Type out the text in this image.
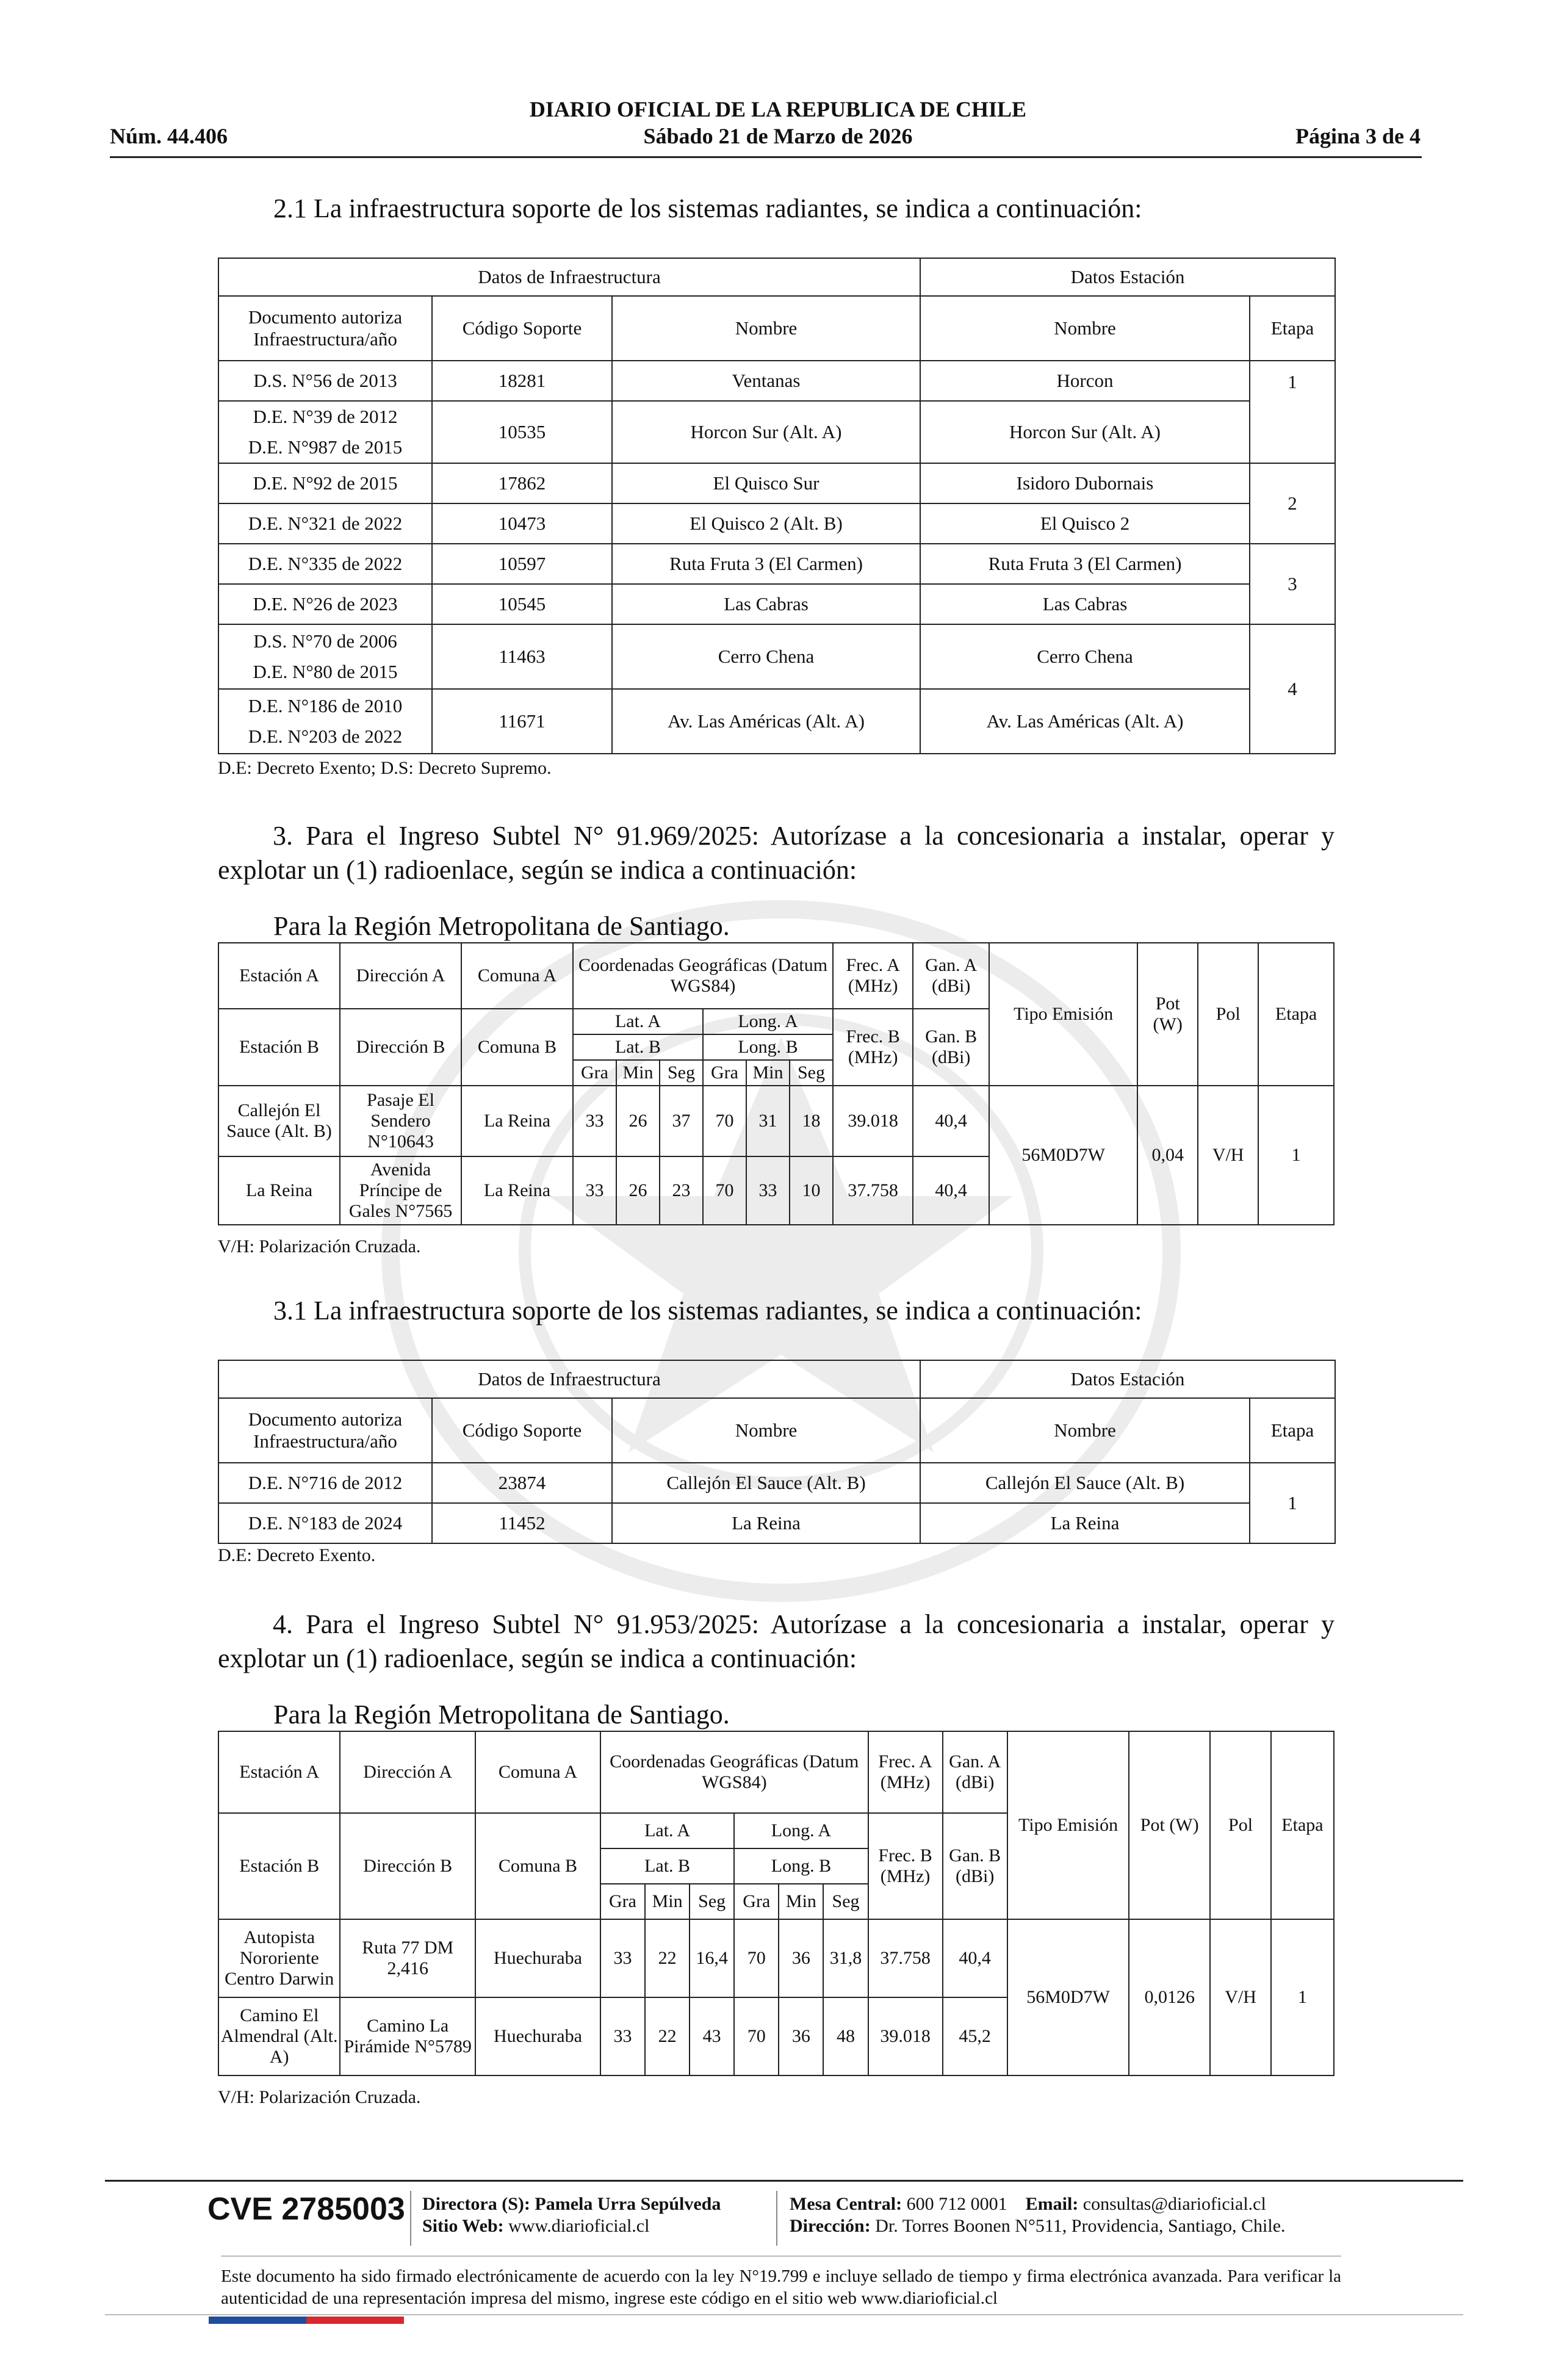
DIARIO OFICIAL DE LA REPUBLICA DE CHILE
Núm. 44.406	Sábado 21 de Marzo de 2026	Página 3 de 4
2.1 La infraestructura soporte de los sistemas radiantes, se indica a continuación:
Datos de Infraestructura			Datos Estación	
Documento autoriza Infraestructura/año	Código Soporte	Nombre	Nombre	Etapa
D.S. N°56 de 2013	18281	Ventanas	Horcon	1

D.E. N°39 de 2012
D.E. N°987 de 2015	10535	Horcon Sur (Alt. A)	Horcon Sur (Alt. A)	
D.E. N°92 de 2015	17862	El Quisco Sur	Isidoro Dubornais	2
D.E. N°321 de 2022	10473	El Quisco 2 (Alt. B)	El Quisco 2	
D.E. N°335 de 2022	10597	Ruta Fruta 3 (El Carmen)	Ruta Fruta 3 (El Carmen)	3
D.E. N°26 de 2023	10545	Las Cabras	Las Cabras	

D.S. N°70 de 2006
D.E. N°80 de 2015	11463	Cerro Chena	Cerro Chena	4

D.E. N°186 de 2010
D.E. N°203 de 2022	11671	Av. Las Américas (Alt. A)	Av. Las Américas (Alt. A)	
D.E: Decreto Exento; D.S: Decreto Supremo.
3. Para el Ingreso Subtel N° 91.969/2025: Autorízase a la concesionaria a instalar, operar y explotar un (1) radioenlace, según se indica a continuación:
Para la Región Metropolitana de Santiago.
Estación A	Dirección A	Comuna A	Coordenadas Geográficas (Datum WGS84)						Frec. A (MHz)	Gan. A (dBi)	Tipo Emisión	Pot (W)	Pol	Etapa

Estación B	Dirección B	Comuna B	Lat. A			Long. A			Frec. B (MHz)	Gan. B (dBi)				
			Lat. B			Long. B								
			Gra	Min	Seg	Gra	Min	Seg						

Callejón El Sauce (Alt. B)	Pasaje El Sendero N°10643	La Reina	33	26	37	70	31	18	39.018	40,4	56M0D7W	0,04	V/H	1
La Reina	Avenida Príncipe de Gales N°7565	La Reina	33	26	23	70	33	10	37.758	40,4				
V/H: Polarización Cruzada.
3.1 La infraestructura soporte de los sistemas radiantes, se indica a continuación:
Datos de Infraestructura			Datos Estación	
Documento autoriza Infraestructura/año	Código Soporte	Nombre	Nombre	Etapa
D.E. N°716 de 2012	23874	Callejón El Sauce (Alt. B)	Callejón El Sauce (Alt. B)	1
D.E. N°183 de 2024	11452	La Reina	La Reina	
D.E: Decreto Exento.
4. Para el Ingreso Subtel N° 91.953/2025: Autorízase a la concesionaria a instalar, operar y explotar un (1) radioenlace, según se indica a continuación:
Para la Región Metropolitana de Santiago.
Estación A	Dirección A	Comuna A	Coordenadas Geográficas (Datum WGS84)						Frec. A (MHz)	Gan. A (dBi)	Tipo Emisión	Pot (W)	Pol	Etapa
Estación B	Dirección B	Comuna B	Lat. A			Long. A			Frec. B (MHz)	Gan. B (dBi)				
			Lat. B			Long. B								
			Gra	Min	Seg	Gra	Min	Seg						
Autopista Nororiente Centro Darwin	Ruta 77 DM 2,416	Huechuraba	33	22	16,4	70	36	31,8	37.758	40,4	56M0D7W	0,0126	V/H	1
Camino El Almendral (Alt. A)	Camino La Pirámide N°5789	Huechuraba	33	22	43	70	36	48	39.018	45,2				
V/H: Polarización Cruzada.
CVE 2785003 Directora (S): Pamela Urra Sepúlveda
Sitio Web: www.diarioficial.cl
Mesa Central: 600 712 0001 Email: consultas@diarioficial.cl
Dirección: Dr. Torres Boonen N°511, Providencia, Santiago, Chile.
Este documento ha sido firmado electrónicamente de acuerdo con la ley N°19.799 e incluye sellado de tiempo y firma electrónica avanzada. Para verificar la autenticidad de una representación impresa del mismo, ingrese este código en el sitio web www.diarioficial.cl
